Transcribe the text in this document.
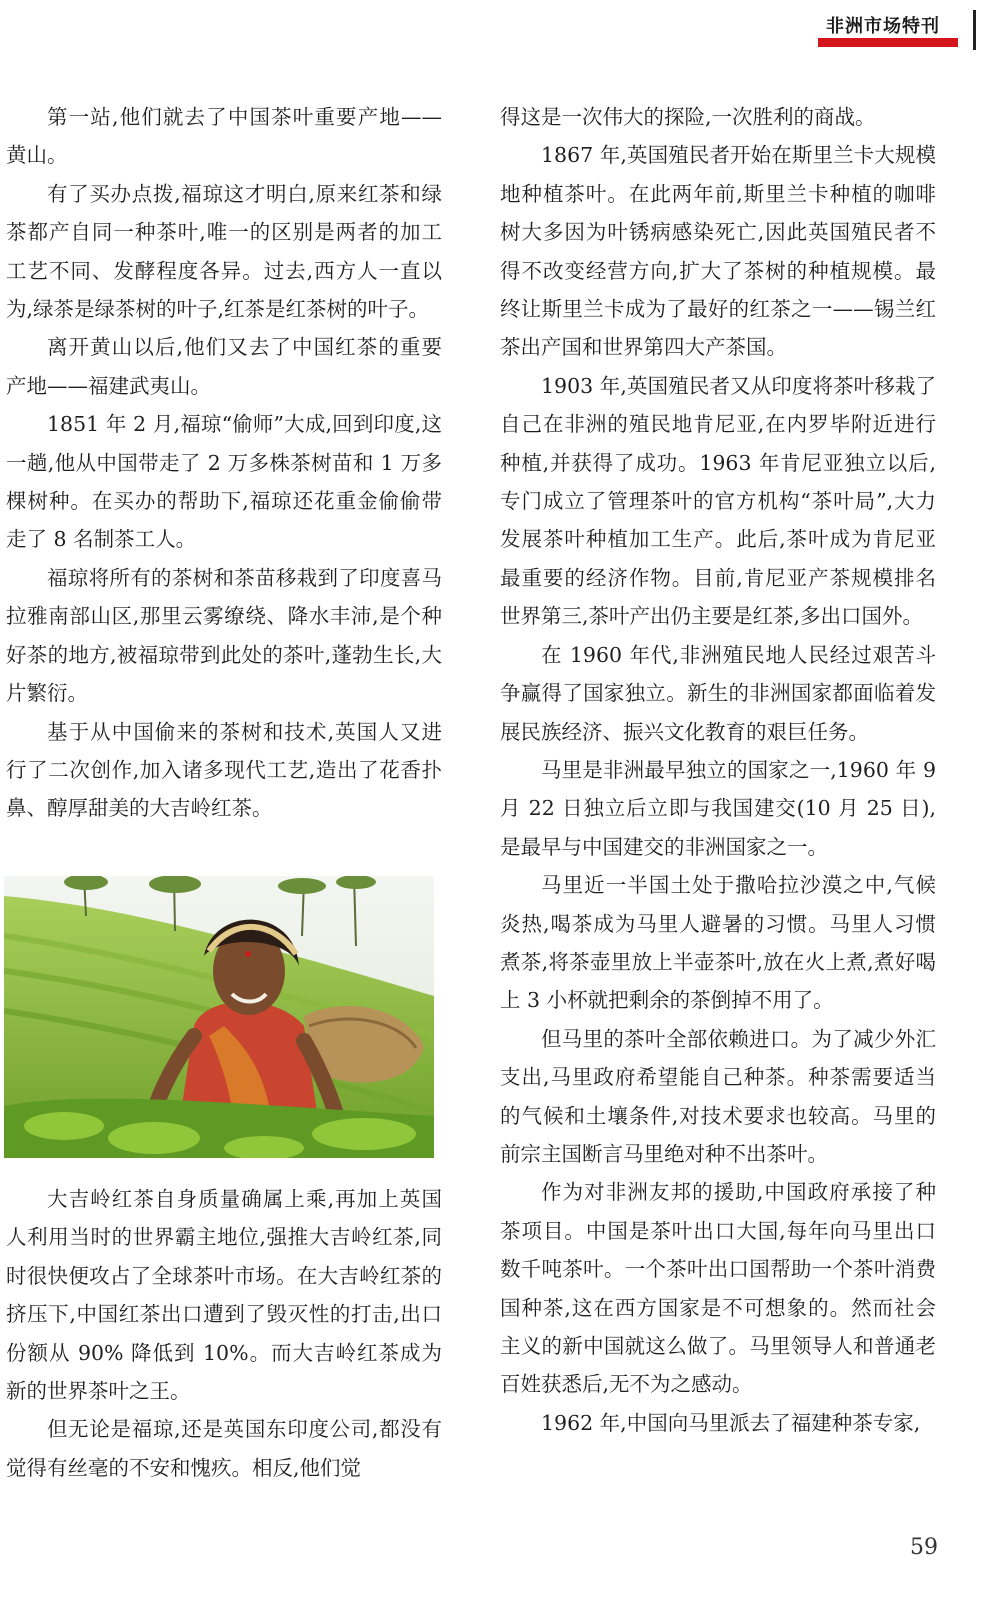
非洲市场特刊

第一站,他们就去了中国茶叶重要产地——黄山。

有了买办点拨,福琼这才明白,原来红茶和绿茶都产自同一种茶叶,唯一的区别是两者的加工工艺不同、发酵程度各异。过去,西方人一直以为,绿茶是绿茶树的叶子,红茶是红茶树的叶子。

离开黄山以后,他们又去了中国红茶的重要产地——福建武夷山。

1851 年 2 月,福琼“偷师”大成,回到印度,这一趟,他从中国带走了 2 万多株茶树苗和 1 万多棵树种。在买办的帮助下,福琼还花重金偷偷带走了 8 名制茶工人。

福琼将所有的茶树和茶苗移栽到了印度喜马拉雅南部山区,那里云雾缭绕、降水丰沛,是个种好茶的地方,被福琼带到此处的茶叶,蓬勃生长,大片繁衍。

基于从中国偷来的茶树和技术,英国人又进行了二次创作,加入诸多现代工艺,造出了花香扑鼻、醇厚甜美的大吉岭红茶。

大吉岭红茶自身质量确属上乘,再加上英国人利用当时的世界霸主地位,强推大吉岭红茶,同时很快便攻占了全球茶叶市场。在大吉岭红茶的挤压下,中国红茶出口遭到了毁灭性的打击,出口份额从 90% 降低到 10%。而大吉岭红茶成为新的世界茶叶之王。

但无论是福琼,还是英国东印度公司,都没有觉得有丝毫的不安和愧疚。相反,他们觉

得这是一次伟大的探险,一次胜利的商战。

1867 年,英国殖民者开始在斯里兰卡大规模地种植茶叶。在此两年前,斯里兰卡种植的咖啡树大多因为叶锈病感染死亡,因此英国殖民者不得不改变经营方向,扩大了茶树的种植规模。最终让斯里兰卡成为了最好的红茶之一——锡兰红茶出产国和世界第四大产茶国。

1903 年,英国殖民者又从印度将茶叶移栽了自己在非洲的殖民地肯尼亚,在内罗毕附近进行种植,并获得了成功。1963 年肯尼亚独立以后,专门成立了管理茶叶的官方机构“茶叶局”,大力发展茶叶种植加工生产。此后,茶叶成为肯尼亚最重要的经济作物。目前,肯尼亚产茶规模排名世界第三,茶叶产出仍主要是红茶,多出口国外。

在 1960 年代,非洲殖民地人民经过艰苦斗争赢得了国家独立。新生的非洲国家都面临着发展民族经济、振兴文化教育的艰巨任务。

马里是非洲最早独立的国家之一,1960 年 9 月 22 日独立后立即与我国建交(10 月 25 日),是最早与中国建交的非洲国家之一。

马里近一半国土处于撒哈拉沙漠之中,气候炎热,喝茶成为马里人避暑的习惯。马里人习惯煮茶,将茶壶里放上半壶茶叶,放在火上煮,煮好喝上 3 小杯就把剩余的茶倒掉不用了。

但马里的茶叶全部依赖进口。为了减少外汇支出,马里政府希望能自己种茶。种茶需要适当的气候和土壤条件,对技术要求也较高。马里的前宗主国断言马里绝对种不出茶叶。

作为对非洲友邦的援助,中国政府承接了种茶项目。中国是茶叶出口大国,每年向马里出口数千吨茶叶。一个茶叶出口国帮助一个茶叶消费国种茶,这在西方国家是不可想象的。然而社会主义的新中国就这么做了。马里领导人和普通老百姓获悉后,无不为之感动。

1962 年,中国向马里派去了福建种茶专家,

59
